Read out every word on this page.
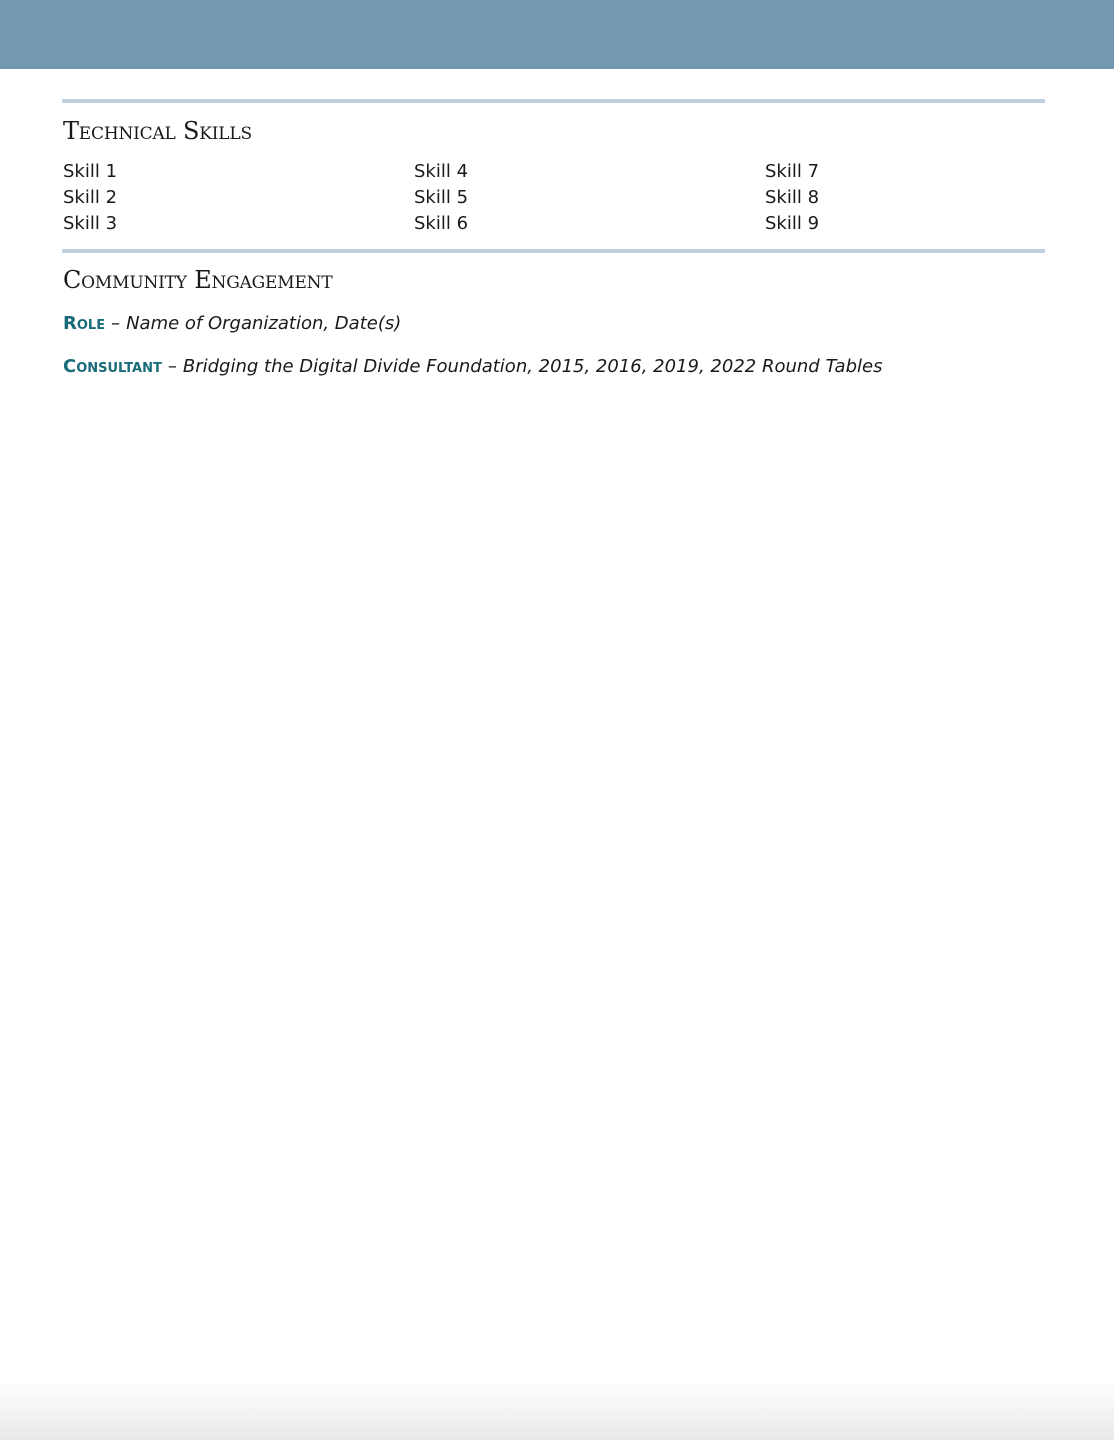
Technical Skills
Skill 1
Skill 2
Skill 3
Skill 4
Skill 5
Skill 6
Skill 7
Skill 8
Skill 9
Community Engagement
Role – Name of Organization, Date(s)
Consultant – Bridging the Digital Divide Foundation, 2015, 2016, 2019, 2022 Round Tables
